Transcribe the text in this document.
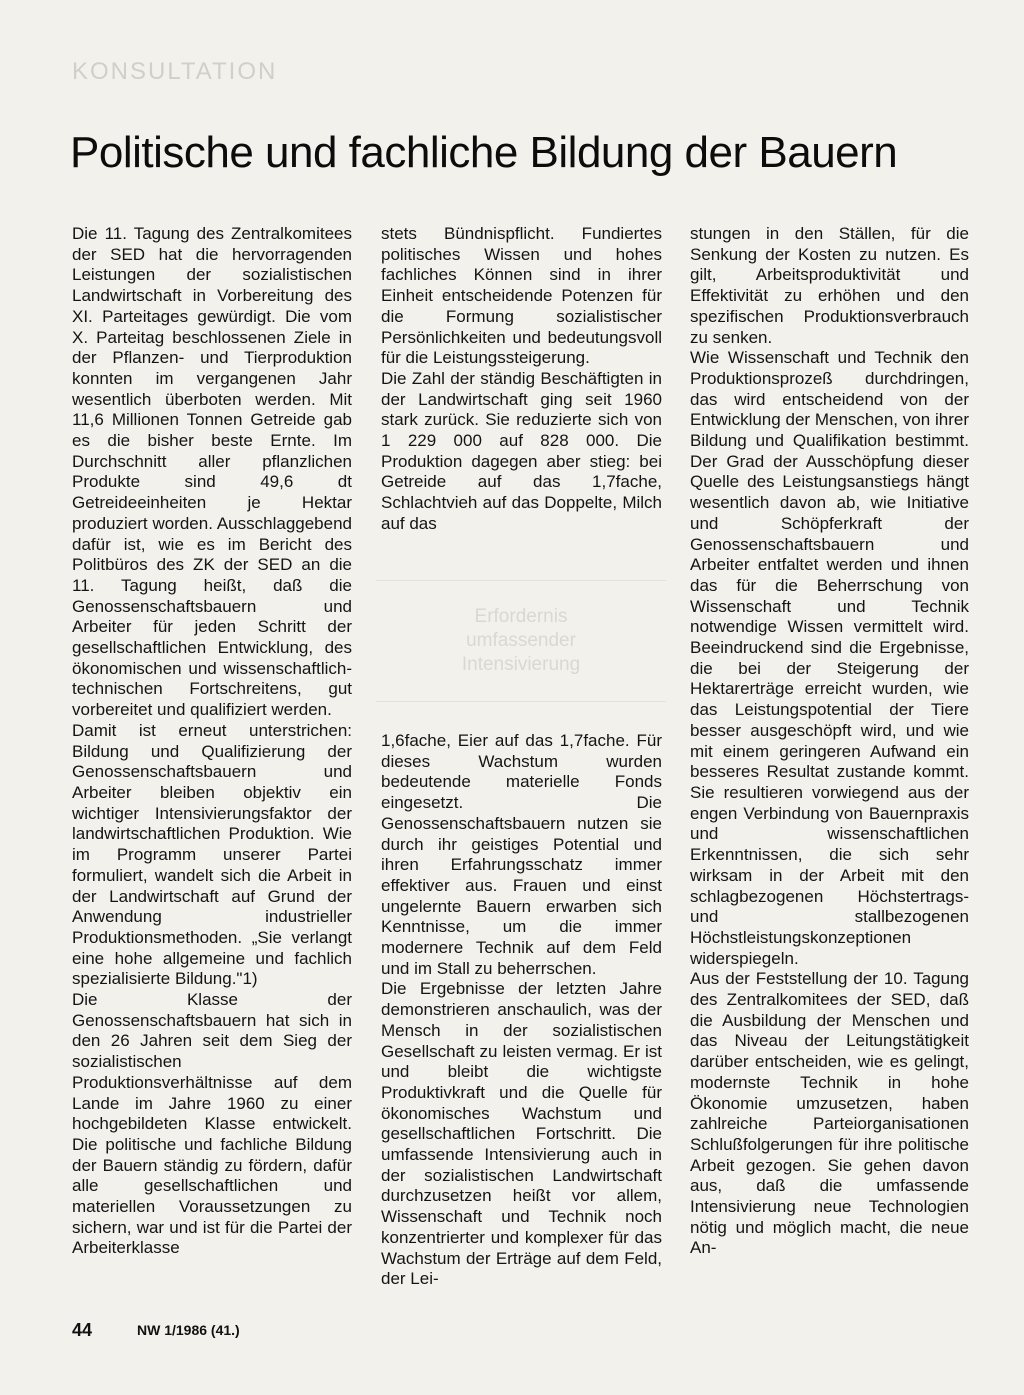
KONSULTATION
Politische und fachliche Bildung der Bauern

Die 11. Tagung des Zentralkomitees der SED hat die hervorragenden Leistungen der sozialistischen Landwirtschaft in Vorbereitung des XI. Parteitages gewürdigt. Die vom X. Parteitag beschlossenen Ziele in der Pflanzen- und Tierproduktion konnten im vergangenen Jahr wesentlich überboten werden. Mit 11,6 Millionen Tonnen Getreide gab es die bisher beste Ernte. Im Durchschnitt aller pflanzlichen Produkte sind 49,6 dt Getreideeinheiten je Hektar produziert worden. Ausschlaggebend dafür ist, wie es im Bericht des Politbüros des ZK der SED an die 11. Tagung heißt, daß die Genossenschaftsbauern und Arbeiter für jeden Schritt der gesellschaftlichen Entwicklung, des ökonomischen und wissenschaftlich-technischen Fortschreitens, gut vorbereitet und qualifiziert werden.

Damit ist erneut unterstrichen: Bildung und Qualifizierung der Genossenschaftsbauern und Arbeiter bleiben objektiv ein wichtiger Intensivierungsfaktor der landwirtschaftlichen Produktion. Wie im Programm unserer Partei formuliert, wandelt sich die Arbeit in der Landwirtschaft auf Grund der Anwendung industrieller Produktionsmethoden. „Sie verlangt eine hohe allgemeine und fachlich spezialisierte Bildung."1)

Die Klasse der Genossenschaftsbauern hat sich in den 26 Jahren seit dem Sieg der sozialistischen Produktionsverhältnisse auf dem Lande im Jahre 1960 zu einer hochgebildeten Klasse entwickelt. Die politische und fachliche Bildung der Bauern ständig zu fördern, dafür alle gesellschaftlichen und materiellen Voraussetzungen zu sichern, war und ist für die Partei der Arbeiterklasse

stets Bündnispflicht. Fundiertes politisches Wissen und hohes fachliches Können sind in ihrer Einheit entscheidende Potenzen für die Formung sozialistischer Persönlichkeiten und bedeutungsvoll für die Leistungssteigerung.

Die Zahl der ständig Beschäftigten in der Landwirtschaft ging seit 1960 stark zurück. Sie reduzierte sich von 1 229 000 auf 828 000. Die Produktion dagegen aber stieg: bei Getreide auf das 1,7fache, Schlachtvieh auf das Doppelte, Milch auf das

Erfordernis
umfassender
Intensivierung

1,6fache, Eier auf das 1,7fache. Für dieses Wachstum wurden bedeutende materielle Fonds eingesetzt. Die Genossenschaftsbauern nutzen sie durch ihr geistiges Potential und ihren Erfahrungsschatz immer effektiver aus. Frauen und einst ungelernte Bauern erwarben sich Kenntnisse, um die immer modernere Technik auf dem Feld und im Stall zu beherrschen.

Die Ergebnisse der letzten Jahre demonstrieren anschaulich, was der Mensch in der sozialistischen Gesellschaft zu leisten vermag. Er ist und bleibt die wichtigste Produktivkraft und die Quelle für ökonomisches Wachstum und gesellschaftlichen Fortschritt. Die umfassende Intensivierung auch in der sozialistischen Landwirtschaft durchzusetzen heißt vor allem, Wissenschaft und Technik noch konzentrierter und komplexer für das Wachstum der Erträge auf dem Feld, der Lei-

stungen in den Ställen, für die Senkung der Kosten zu nutzen. Es gilt, Arbeitsproduktivität und Effektivität zu erhöhen und den spezifischen Produktionsverbrauch zu senken.

Wie Wissenschaft und Technik den Produktionsprozeß durchdringen, das wird entscheidend von der Entwicklung der Menschen, von ihrer Bildung und Qualifikation bestimmt. Der Grad der Ausschöpfung dieser Quelle des Leistungsanstiegs hängt wesentlich davon ab, wie Initiative und Schöpferkraft der Genossenschaftsbauern und Arbeiter entfaltet werden und ihnen das für die Beherrschung von Wissenschaft und Technik notwendige Wissen vermittelt wird. Beeindruckend sind die Ergebnisse, die bei der Steigerung der Hektarerträge erreicht wurden, wie das Leistungspotential der Tiere besser ausgeschöpft wird, und wie mit einem geringeren Aufwand ein besseres Resultat zustande kommt. Sie resultieren vorwiegend aus der engen Verbindung von Bauernpraxis und wissenschaftlichen Erkenntnissen, die sich sehr wirksam in der Arbeit mit den schlagbezogenen Höchstertrags- und stallbezogenen Höchstleistungskonzeptionen widerspiegeln.

Aus der Feststellung der 10. Tagung des Zentralkomitees der SED, daß die Ausbildung der Menschen und das Niveau der Leitungstätigkeit darüber entscheiden, wie es gelingt, modernste Technik in hohe Ökonomie umzusetzen, haben zahlreiche Parteiorganisationen Schlußfolgerungen für ihre politische Arbeit gezogen. Sie gehen davon aus, daß die umfassende Intensivierung neue Technologien nötig und möglich macht, die neue An-

44	NW 1/1986 (41.)
